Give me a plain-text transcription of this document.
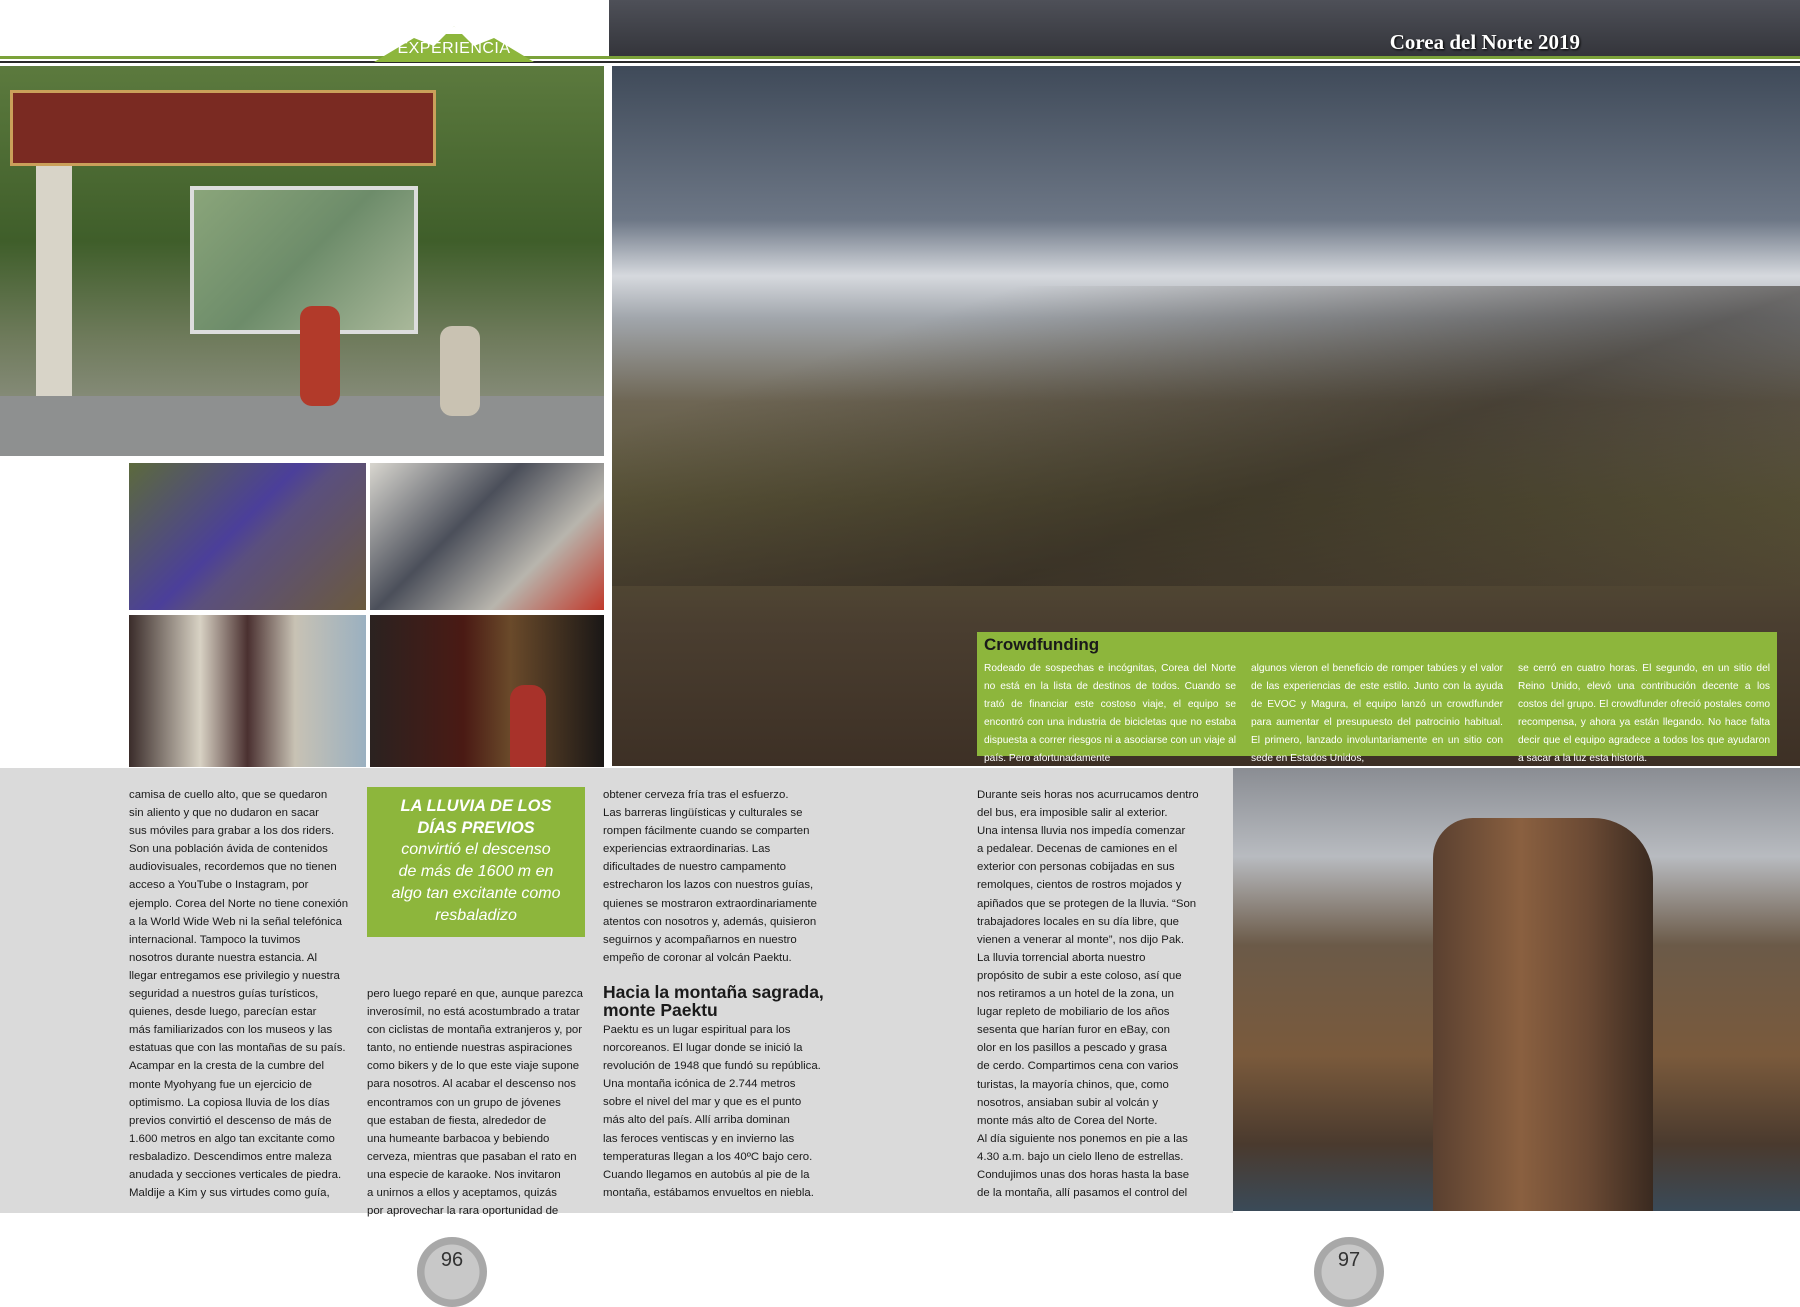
EXPERIENCIA	Corea del Norte 2019
Crowdfunding
Rodeado de sospechas e incógnitas, Corea del Norte no está en la lista de destinos de todos. Cuando se trató de financiar este costoso viaje, el equipo se encontró con una industria de bicicletas que no estaba dispuesta a correr riesgos ni a asociarse con un viaje al país. Pero afortunadamente
algunos vieron el beneficio de romper tabúes y el valor de las experiencias de este estilo. Junto con la ayuda de EVOC y Magura, el equipo lanzó un crowdfunder para aumentar el presupuesto del patrocinio habitual. El primero, lanzado involuntariamente en un sitio con sede en Estados Unidos,
se cerró en cuatro horas. El segundo, en un sitio del Reino Unido, elevó una contribución decente a los costos del grupo. El crowdfunder ofreció postales como recompensa, y ahora ya están llegando. No hace falta decir que el equipo agradece a todos los que ayudaron a sacar a la luz esta historia.
camisa de cuello alto, que se quedaron
sin aliento y que no dudaron en sacar
sus móviles para grabar a los dos riders.
Son una población ávida de contenidos
audiovisuales, recordemos que no tienen
acceso a YouTube o Instagram, por
ejemplo. Corea del Norte no tiene conexión
a la World Wide Web ni la señal telefónica
internacional. Tampoco la tuvimos
nosotros durante nuestra estancia. Al
llegar entregamos ese privilegio y nuestra
seguridad a nuestros guías turísticos,
quienes, desde luego, parecían estar
más familiarizados con los museos y las
estatuas que con las montañas de su país.
Acampar en la cresta de la cumbre del
monte Myohyang fue un ejercicio de
optimismo. La copiosa lluvia de los días
previos convirtió el descenso de más de
1.600 metros en algo tan excitante como
resbaladizo. Descendimos entre maleza
anudada y secciones verticales de piedra.
Maldije a Kim y sus virtudes como guía,
LA LLUVIA DE LOS
DÍAS PREVIOS
convirtió el descenso
de más de 1600 m en
algo tan excitante como
resbaladizo
pero luego reparé en que, aunque parezca
inverosímil, no está acostumbrado a tratar
con ciclistas de montaña extranjeros y, por
tanto, no entiende nuestras aspiraciones
como bikers y de lo que este viaje supone
para nosotros. Al acabar el descenso nos
encontramos con un grupo de jóvenes
que estaban de fiesta, alrededor de
una humeante barbacoa y bebiendo
cerveza, mientras que pasaban el rato en
una especie de karaoke. Nos invitaron
a unirnos a ellos y aceptamos, quizás
por aprovechar la rara oportunidad de
obtener cerveza fría tras el esfuerzo.
Las barreras lingüísticas y culturales se
rompen fácilmente cuando se comparten
experiencias extraordinarias. Las
dificultades de nuestro campamento
estrecharon los lazos con nuestros guías,
quienes se mostraron extraordinariamente
atentos con nosotros y, además, quisieron
seguirnos y acompañarnos en nuestro
empeño de coronar al volcán Paektu.
Hacia la montaña sagrada,
monte Paektu
Paektu es un lugar espiritual para los
norcoreanos. El lugar donde se inició la
revolución de 1948 que fundó su república.
Una montaña icónica de 2.744 metros
sobre el nivel del mar y que es el punto
más alto del país. Allí arriba dominan
las feroces ventiscas y en invierno las
temperaturas llegan a los 40ºC bajo cero.
Cuando llegamos en autobús al pie de la
montaña, estábamos envueltos en niebla.
Durante seis horas nos acurrucamos dentro
del bus, era imposible salir al exterior.
Una intensa lluvia nos impedía comenzar
a pedalear. Decenas de camiones en el
exterior con personas cobijadas en sus
remolques, cientos de rostros mojados y
apiñados que se protegen de la lluvia. “Son
trabajadores locales en su día libre, que
vienen a venerar al monte”, nos dijo Pak.
La lluvia torrencial aborta nuestro
propósito de subir a este coloso, así que
nos retiramos a un hotel de la zona, un
lugar repleto de mobiliario de los años
sesenta que harían furor en eBay, con
olor en los pasillos a pescado y grasa
de cerdo. Compartimos cena con varios
turistas, la mayoría chinos, que, como
nosotros, ansiaban subir al volcán y
monte más alto de Corea del Norte.
Al día siguiente nos ponemos en pie a las
4.30 a.m. bajo un cielo lleno de estrellas.
Condujimos unas dos horas hasta la base
de la montaña, allí pasamos el control del
96	97
